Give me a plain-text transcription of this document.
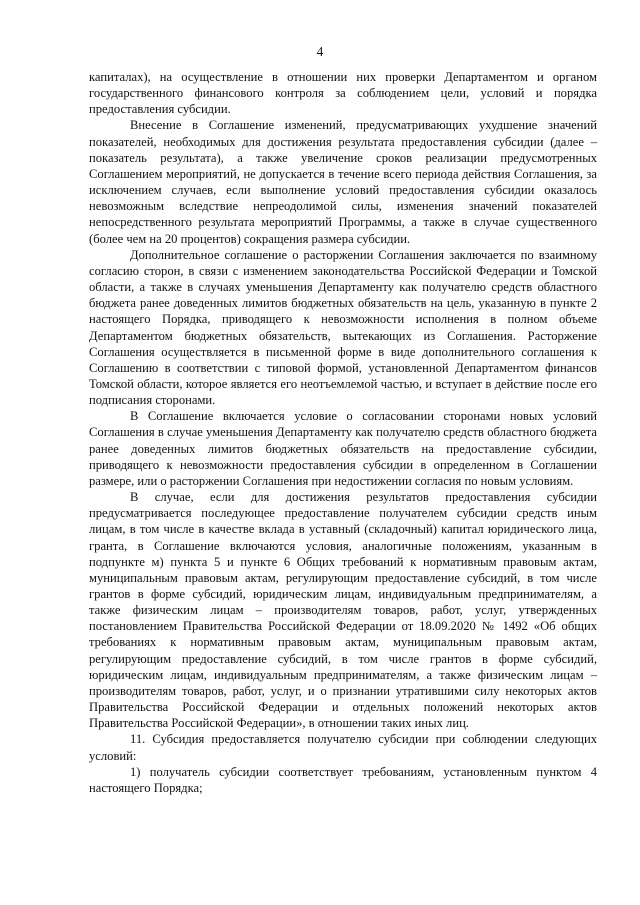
4

капиталах), на осуществление в отношении них проверки Департаментом и органом государственного финансового контроля за соблюдением цели, условий и порядка предоставления субсидии.

Внесение в Соглашение изменений, предусматривающих ухудшение значений показателей, необходимых для достижения результата предоставления субсидии (далее – показатель результата), а также увеличение сроков реализации предусмотренных Соглашением мероприятий, не допускается в течение всего периода действия Соглашения, за исключением случаев, если выполнение условий предоставления субсидии оказалось невозможным вследствие непреодолимой силы, изменения значений показателей непосредственного результата мероприятий Программы, а также в случае существенного (более чем на 20 процентов) сокращения размера субсидии.

Дополнительное соглашение о расторжении Соглашения заключается по взаимному согласию сторон, в связи с изменением законодательства Российской Федерации и Томской области, а также в случаях уменьшения Департаменту как получателю средств областного бюджета ранее доведенных лимитов бюджетных обязательств на цель, указанную в пункте 2 настоящего Порядка, приводящего к невозможности исполнения в полном объеме Департаментом бюджетных обязательств, вытекающих из Соглашения. Расторжение Соглашения осуществляется в письменной форме в виде дополнительного соглашения к Соглашению в соответствии с типовой формой, установленной Департаментом финансов Томской области, которое является его неотъемлемой частью, и вступает в действие после его подписания сторонами.

В Соглашение включается условие о согласовании сторонами новых условий Соглашения в случае уменьшения Департаменту как получателю средств областного бюджета ранее доведенных лимитов бюджетных обязательств на предоставление субсидии, приводящего к невозможности предоставления субсидии в определенном в Соглашении размере, или о расторжении Соглашения при недостижении согласия по новым условиям.

В случае, если для достижения результатов предоставления субсидии предусматривается последующее предоставление получателем субсидии средств иным лицам, в том числе в качестве вклада в уставный (складочный) капитал юридического лица, гранта, в Соглашение включаются условия, аналогичные положениям, указанным в подпункте м) пункта 5 и пункте 6 Общих требований к нормативным правовым актам, муниципальным правовым актам, регулирующим предоставление субсидий, в том числе грантов в форме субсидий, юридическим лицам, индивидуальным предпринимателям, а также физическим лицам – производителям товаров, работ, услуг, утвержденных постановлением Правительства Российской Федерации от 18.09.2020 № 1492 «Об общих требованиях к нормативным правовым актам, муниципальным правовым актам, регулирующим предоставление субсидий, в том числе грантов в форме субсидий, юридическим лицам, индивидуальным предпринимателям, а также физическим лицам – производителям товаров, работ, услуг, и о признании утратившими силу некоторых актов Правительства Российской Федерации и отдельных положений некоторых актов Правительства Российской Федерации», в отношении таких иных лиц.

11. Субсидия предоставляется получателю субсидии при соблюдении следующих условий:

1) получатель субсидии соответствует требованиям, установленным пунктом 4 настоящего Порядка;
